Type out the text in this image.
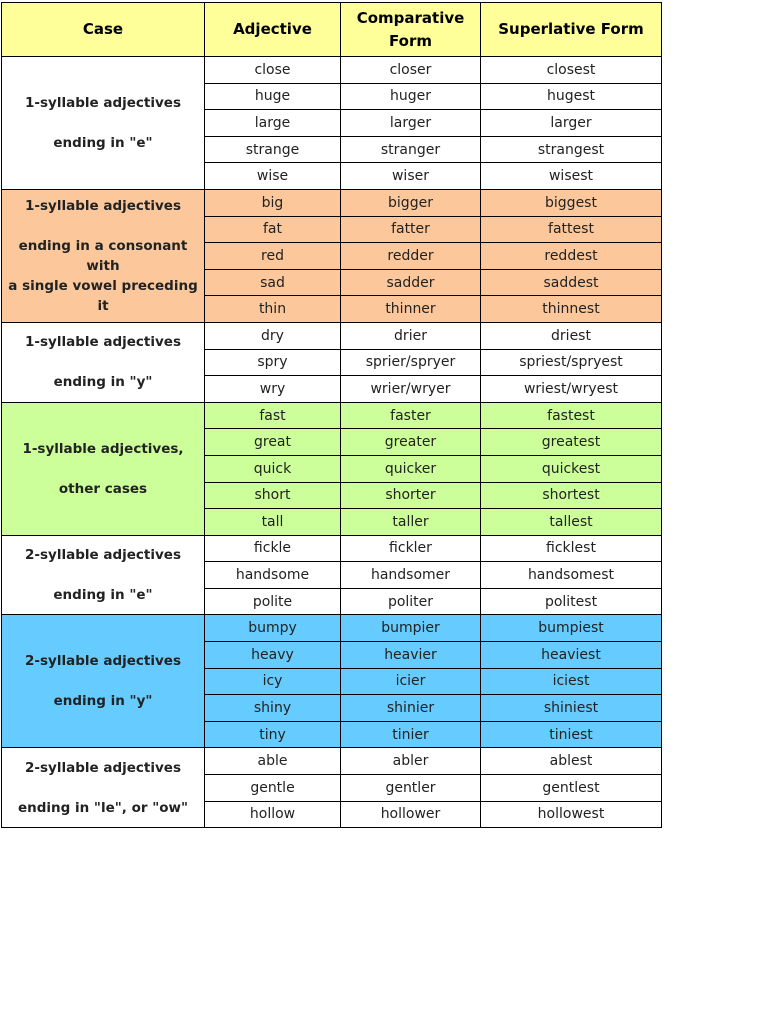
Case	Adjective	Comparative Form	Superlative Form

1-syllable adjectives
ending in "e"	close	closer	closest
	huge	huger	hugest
	large	larger	larger
	strange	stranger	strangest
	wise	wiser	wisest

1-syllable adjectives
ending in a consonant with
a single vowel preceding it	big	bigger	biggest
	fat	fatter	fattest
	red	redder	reddest
	sad	sadder	saddest
	thin	thinner	thinnest

1-syllable adjectives
ending in "y"	dry	drier	driest
	spry	sprier/spryer	spriest/spryest
	wry	wrier/wryer	wriest/wryest

1-syllable adjectives,
other cases	fast	faster	fastest
	great	greater	greatest
	quick	quicker	quickest
	short	shorter	shortest
	tall	taller	tallest

2-syllable adjectives
ending in "e"	fickle	fickler	ficklest
	handsome	handsomer	handsomest
	polite	politer	politest

2-syllable adjectives
ending in "y"	bumpy	bumpier	bumpiest
	heavy	heavier	heaviest
	icy	icier	iciest
	shiny	shinier	shiniest
	tiny	tinier	tiniest

2-syllable adjectives
ending in "le", or "ow"	able	abler	ablest
	gentle	gentler	gentlest
	hollow	hollower	hollowest
